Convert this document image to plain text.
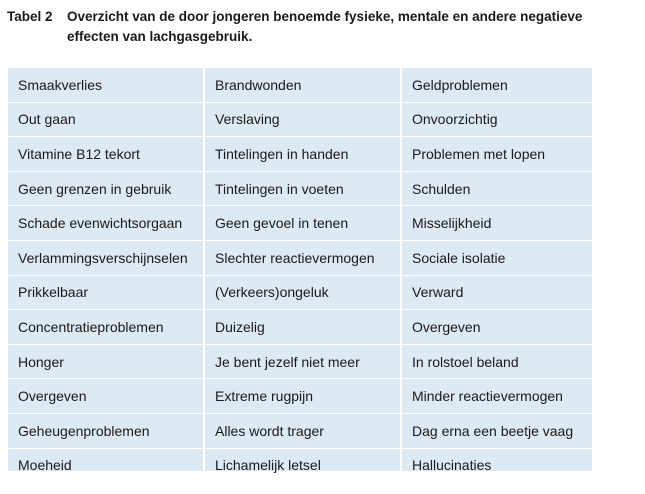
Tabel 2	Overzicht van de door jongeren benoemde fysieke, mentale en andere negatieve effecten van lachgasgebruik.
Smaakverlies	Brandwonden	Geldproblemen
Out gaan	Verslaving	Onvoorzichtig
Vitamine B12 tekort	Tintelingen in handen	Problemen met lopen
Geen grenzen in gebruik	Tintelingen in voeten	Schulden
Schade evenwichtsorgaan	Geen gevoel in tenen	Misselijkheid
Verlammingsverschijnselen	Slechter reactievermogen	Sociale isolatie
Prikkelbaar	(Verkeers)ongeluk	Verward
Concentratieproblemen	Duizelig	Overgeven
Honger	Je bent jezelf niet meer	In rolstoel beland
Overgeven	Extreme rugpijn	Minder reactievermogen
Geheugenproblemen	Alles wordt trager	Dag erna een beetje vaag
Moeheid	Lichamelijk letsel	Hallucinaties
